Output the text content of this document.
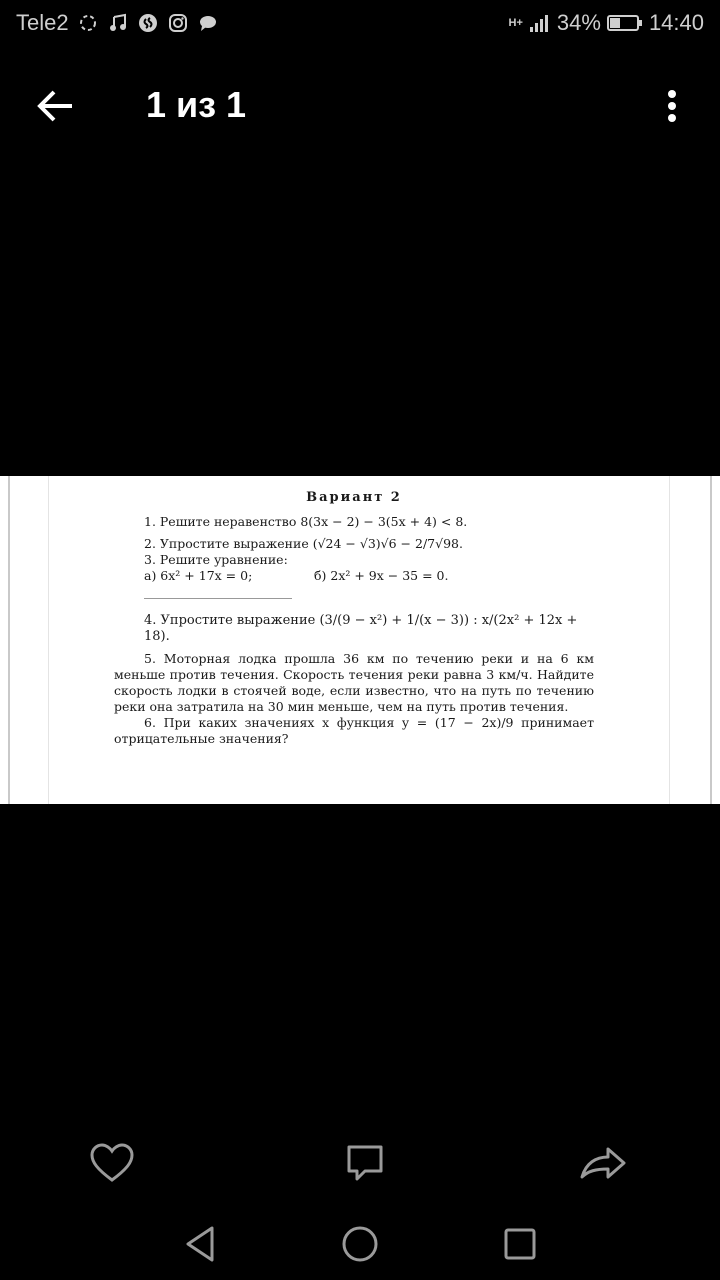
Tele2	H+ 34% 14:40
1 из 1
Вариант 2
1. Решите неравенство 8(3x − 2) − 3(5x + 4) < 8.
2. Упростите выражение (√24 − √3)√6 − 2/7√98.
3. Решите уравнение:
а) 6x² + 17x = 0;	б) 2x² + 9x − 35 = 0.
4. Упростите выражение (3/(9 − x²) + 1/(x − 3)) : x/(2x² + 12x + 18).
5. Моторная лодка прошла 36 км по течению реки и на 6 км меньше против течения. Скорость течения реки равна 3 км/ч. Найдите скорость лодки в стоячей воде, если известно, что на путь по течению реки она затратила на 30 мин меньше, чем на путь против течения.
6. При каких значениях x функция y = (17 − 2x)/9 принимает отрицательные значения?
